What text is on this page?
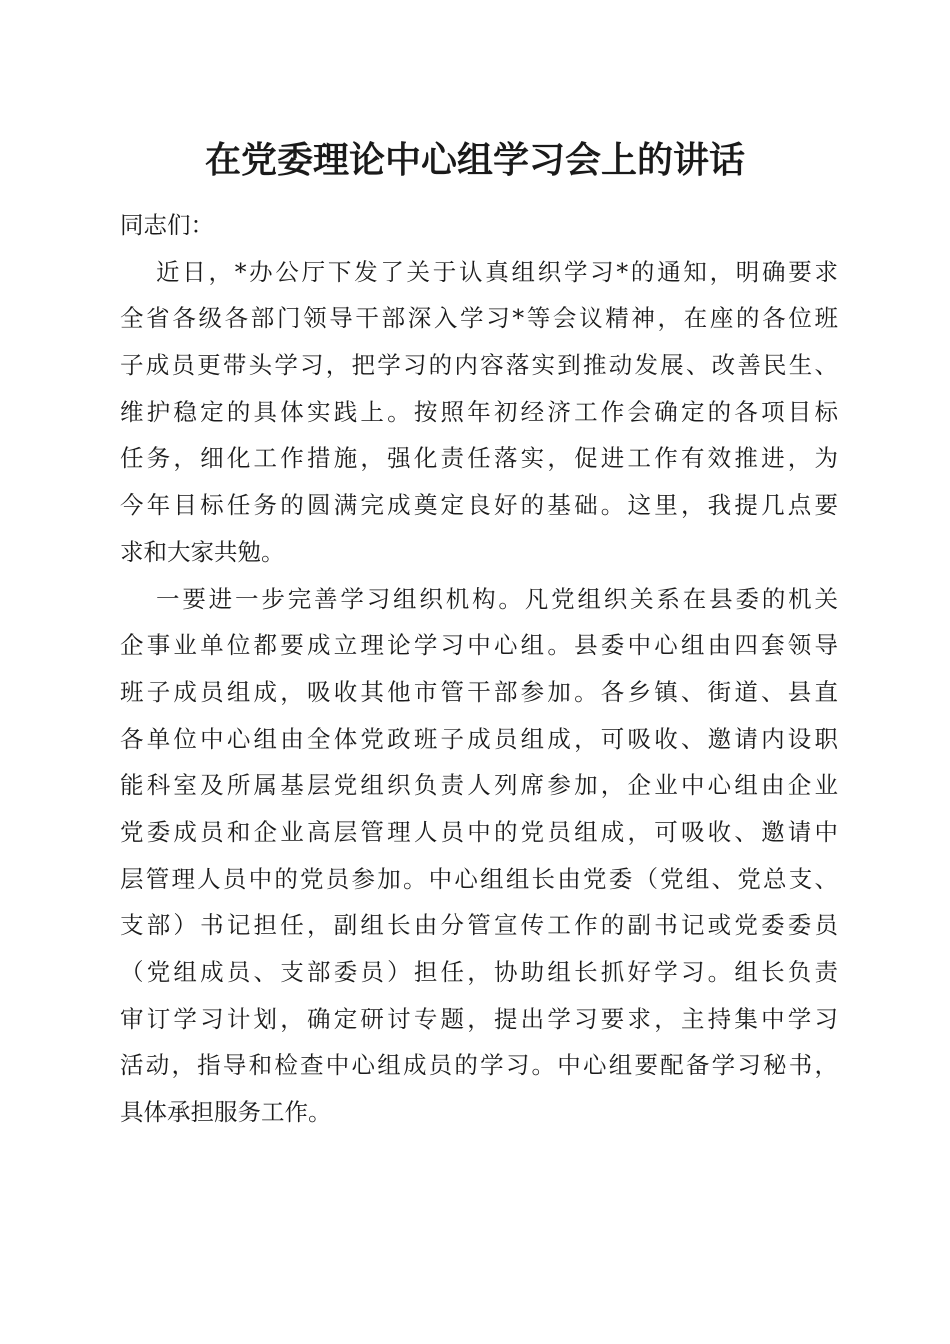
在党委理论中心组学习会上的讲话
同志们：
近日，*办公厅下发了关于认真组织学习*的通知，明确要求
全省各级各部门领导干部深入学习*等会议精神，在座的各位班
子成员更带头学习，把学习的内容落实到推动发展、改善民生、
维护稳定的具体实践上。按照年初经济工作会确定的各项目标
任务，细化工作措施，强化责任落实，促进工作有效推进，为
今年目标任务的圆满完成奠定良好的基础。这里，我提几点要
求和大家共勉。
一要进一步完善学习组织机构。凡党组织关系在县委的机关
企事业单位都要成立理论学习中心组。县委中心组由四套领导
班子成员组成，吸收其他市管干部参加。各乡镇、街道、县直
各单位中心组由全体党政班子成员组成，可吸收、邀请内设职
能科室及所属基层党组织负责人列席参加，企业中心组由企业
党委成员和企业高层管理人员中的党员组成，可吸收、邀请中
层管理人员中的党员参加。中心组组长由党委（党组、党总支、
支部）书记担任，副组长由分管宣传工作的副书记或党委委员
（党组成员、支部委员）担任，协助组长抓好学习。组长负责
审订学习计划，确定研讨专题，提出学习要求，主持集中学习
活动，指导和检查中心组成员的学习。中心组要配备学习秘书，
具体承担服务工作。
